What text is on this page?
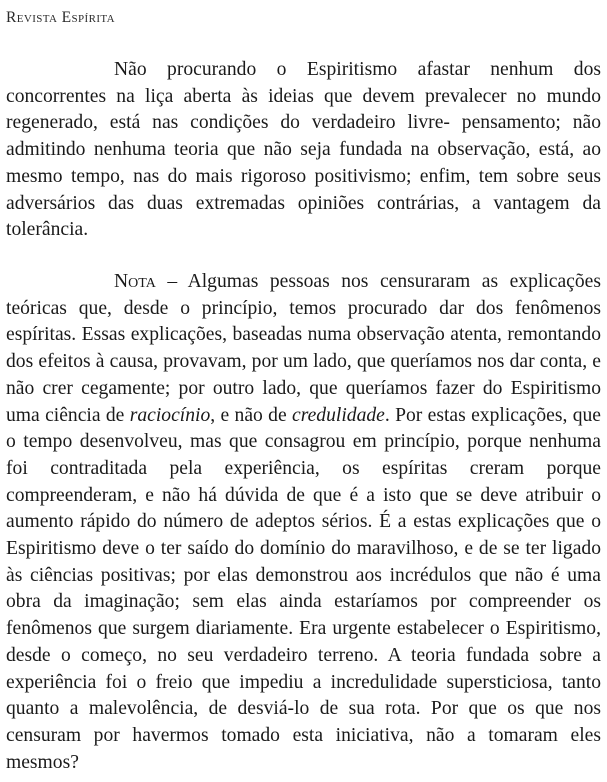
Revista Espírita

Não procurando o Espiritismo afastar nenhum dos concorrentes na liça aberta às ideias que devem prevalecer no mundo regenerado, está nas condições do verdadeiro livre- pensamento; não admitindo nenhuma teoria que não seja fundada na observação, está, ao mesmo tempo, nas do mais rigoroso positivismo; enfim, tem sobre seus adversários das duas extremadas opiniões contrárias, a vantagem da tolerância.

Nota – Algumas pessoas nos censuraram as explicações teóricas que, desde o princípio, temos procurado dar dos fenômenos espíritas. Essas explicações, baseadas numa observação atenta, remontando dos efeitos à causa, provavam, por um lado, que queríamos nos dar conta, e não crer cegamente; por outro lado, que queríamos fazer do Espiritismo uma ciência de raciocínio, e não de credulidade. Por estas explicações, que o tempo desenvolveu, mas que consagrou em princípio, porque nenhuma foi contraditada pela experiência, os espíritas creram porque compreenderam, e não há dúvida de que é a isto que se deve atribuir o aumento rápido do número de adeptos sérios. É a estas explicações que o Espiritismo deve o ter saído do domínio do maravilhoso, e de se ter ligado às ciências positivas; por elas demonstrou aos incrédulos que não é uma obra da imaginação; sem elas ainda estaríamos por compreender os fenômenos que surgem diariamente. Era urgente estabelecer o Espiritismo, desde o começo, no seu verdadeiro terreno. A teoria fundada sobre a experiência foi o freio que impediu a incredulidade supersticiosa, tanto quanto a malevolência, de desviá-lo de sua rota. Por que os que nos censuram por havermos tomado esta iniciativa, não a tomaram eles mesmos?
